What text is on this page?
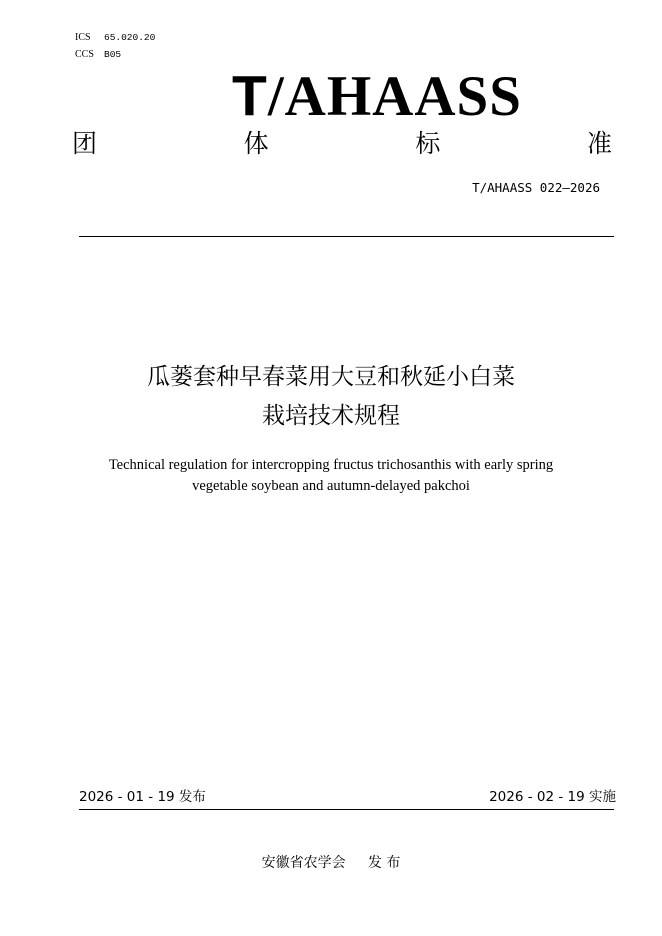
ICS 65.020.20
CCS B05
T/AHAASS
团	体	标	准
T/AHAASS 022—2026
瓜蒌套种早春菜用大豆和秋延小白菜
栽培技术规程
Technical regulation for intercropping fructus trichosanthis with early spring
vegetable soybean and autumn-delayed pakchoi
2026 - 01 - 19 发布	2026 - 02 - 19 实施
安徽省农学会     发 布
